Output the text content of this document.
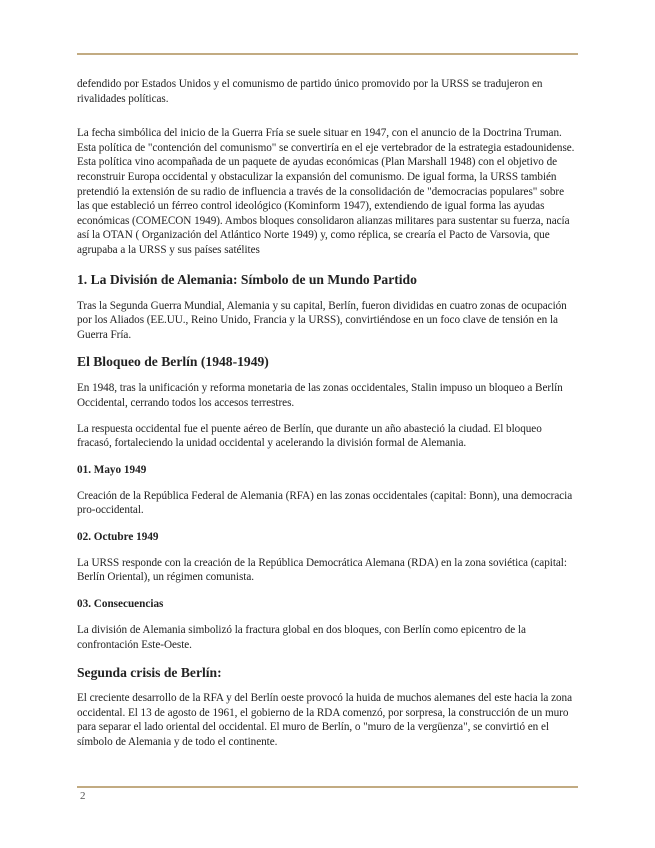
defendido por Estados Unidos y el comunismo de partido único promovido por la URSS se tradujeron en rivalidades políticas.

La fecha simbólica del inicio de la Guerra Fría se suele situar en 1947, con el anuncio de la Doctrina Truman. Esta política de "contención del comunismo" se convertiría en el eje vertebrador de la estrategia estadounidense. Esta política vino acompañada de un paquete de ayudas económicas (Plan Marshall 1948) con el objetivo de reconstruir Europa occidental y obstaculizar la expansión del comunismo. De igual forma, la URSS también pretendió la extensión de su radio de influencia a través de la consolidación de "democracias populares" sobre las que estableció un férreo control ideológico (Kominform 1947), extendiendo de igual forma las ayudas económicas (COMECON 1949). Ambos bloques consolidaron alianzas militares para sustentar su fuerza, nacía así la OTAN ( Organización del Atlántico Norte 1949) y, como réplica, se crearía el Pacto de Varsovia, que agrupaba a la URSS y sus países satélites

1. La División de Alemania: Símbolo de un Mundo Partido

Tras la Segunda Guerra Mundial, Alemania y su capital, Berlín, fueron divididas en cuatro zonas de ocupación por los Aliados (EE.UU., Reino Unido, Francia y la URSS), convirtiéndose en un foco clave de tensión en la Guerra Fría.

El Bloqueo de Berlín (1948-1949)

En 1948, tras la unificación y reforma monetaria de las zonas occidentales, Stalin impuso un bloqueo a Berlín Occidental, cerrando todos los accesos terrestres.

La respuesta occidental fue el puente aéreo de Berlín, que durante un año abasteció la ciudad. El bloqueo fracasó, fortaleciendo la unidad occidental y acelerando la división formal de Alemania.

01. Mayo 1949

Creación de la República Federal de Alemania (RFA) en las zonas occidentales (capital: Bonn), una democracia pro-occidental.

02. Octubre 1949

La URSS responde con la creación de la República Democrática Alemana (RDA) en la zona soviética (capital: Berlín Oriental), un régimen comunista.

03. Consecuencias

La división de Alemania simbolizó la fractura global en dos bloques, con Berlín como epicentro de la confrontación Este-Oeste.

Segunda crisis de Berlín:

El creciente desarrollo de la RFA y del Berlín oeste provocó la huida de muchos alemanes del este hacia la zona occidental. El 13 de agosto de 1961, el gobierno de la RDA comenzó, por sorpresa, la construcción de un muro para separar el lado oriental del occidental. El muro de Berlín, o "muro de la vergüenza", se convirtió en el símbolo de Alemania y de todo el continente.

2
